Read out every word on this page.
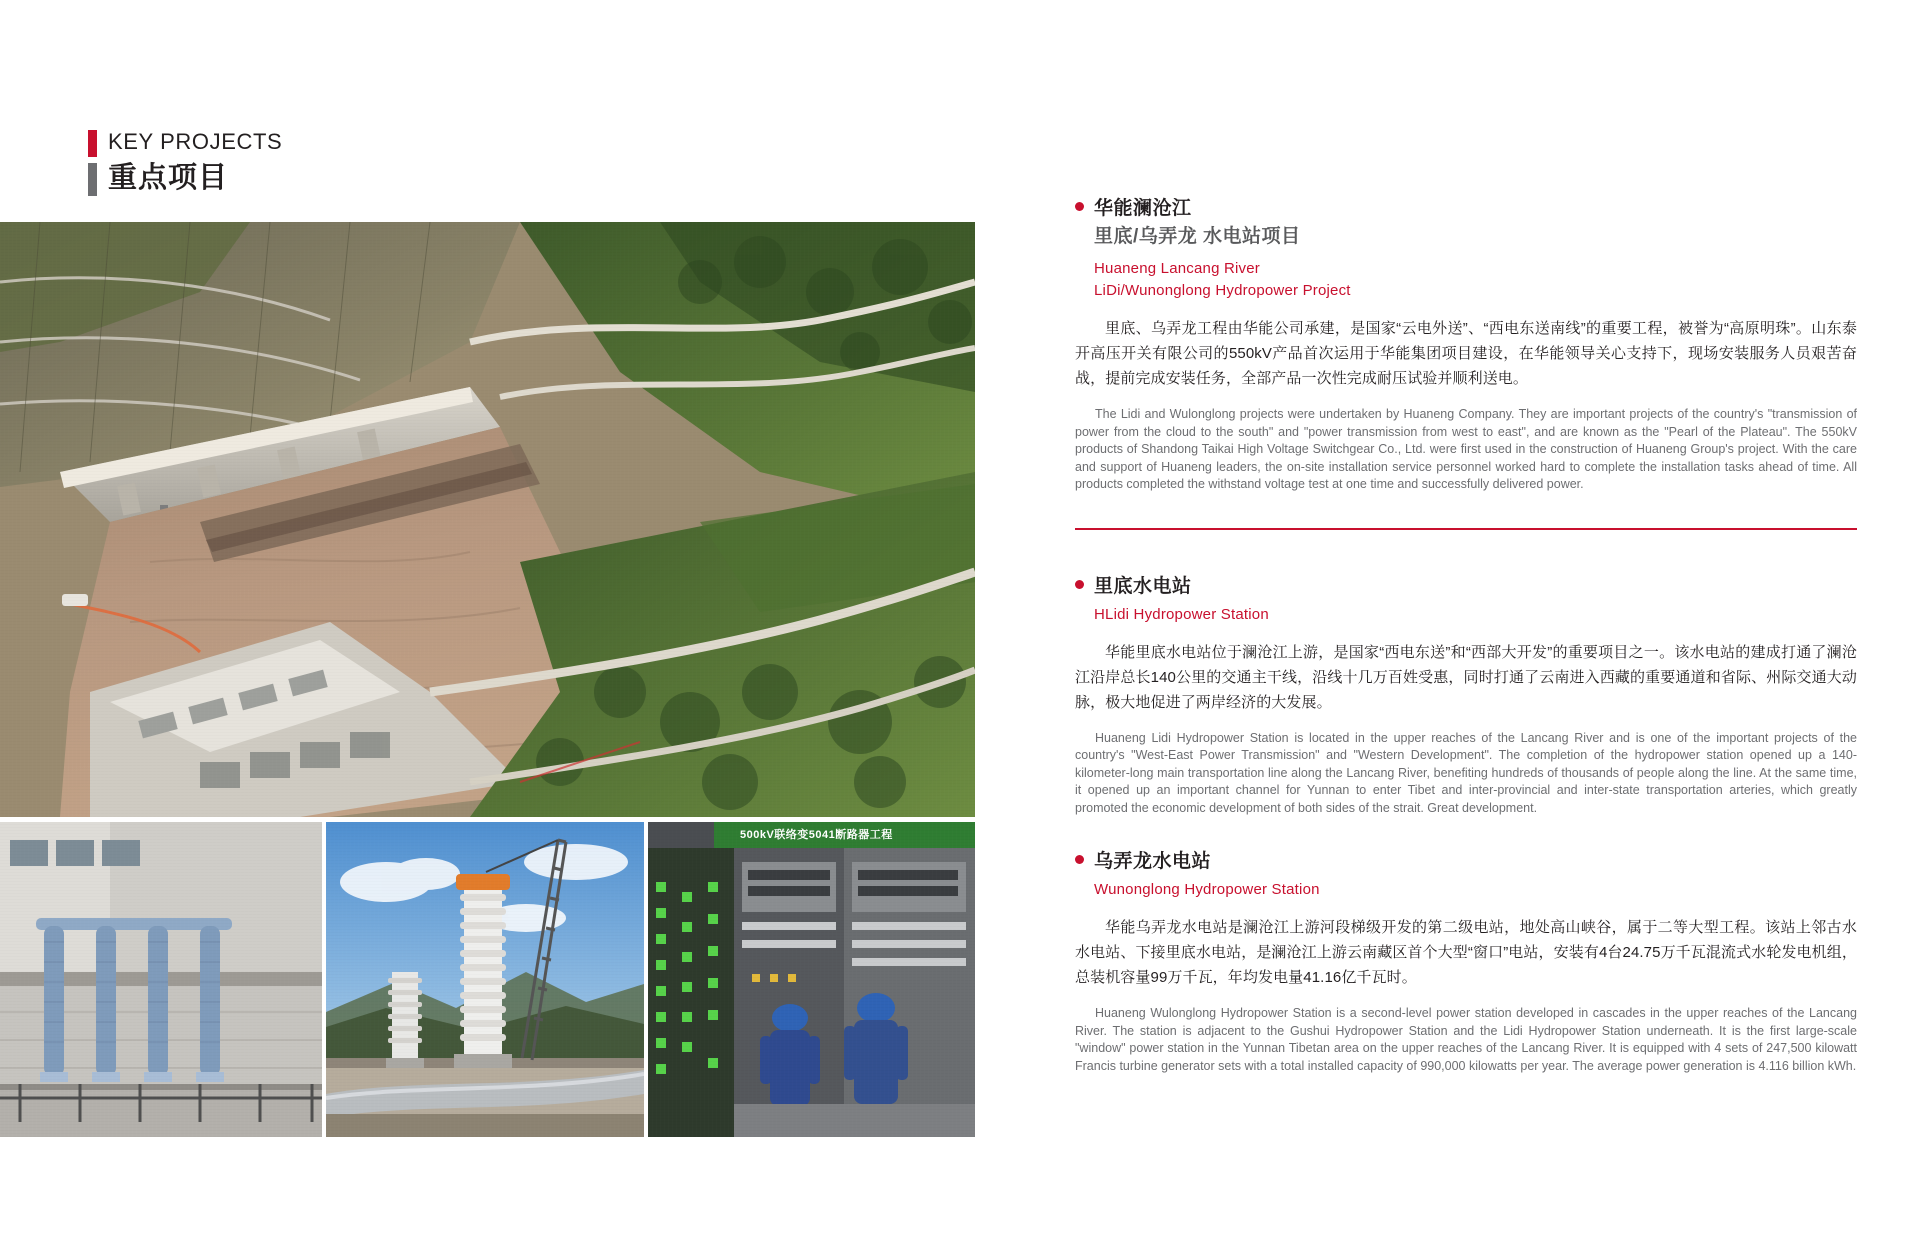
KEY PROJECTS
重点项目
华能澜沧江
里底/乌弄龙 水电站项目
Huaneng Lancang River
LiDi/Wunonglong Hydropower Project

里底、乌弄龙工程由华能公司承建，是国家“云电外送”、“西电东送南线”的重要工程，被誉为“高原明珠”。山东泰开高压开关有限公司的550kV产品首次运用于华能集团项目建设，在华能领导关心支持下，现场安装服务人员艰苦奋战，提前完成安装任务，全部产品一次性完成耐压试验并顺利送电。

The Lidi and Wulonglong projects were undertaken by Huaneng Company. They are important projects of the country's "transmission of power from the cloud to the south" and "power transmission from west to east", and are known as the "Pearl of the Plateau". The 550kV products of Shandong Taikai High Voltage Switchgear Co., Ltd. were first used in the construction of Huaneng Group's project. With the care and support of Huaneng leaders, the on-site installation service personnel worked hard to complete the installation tasks ahead of time. All products completed the withstand voltage test at one time and successfully delivered power.

里底水电站
HLidi Hydropower Station

华能里底水电站位于澜沧江上游，是国家“西电东送”和“西部大开发”的重要项目之一。该水电站的建成打通了澜沧江沿岸总长140公里的交通主干线，沿线十几万百姓受惠，同时打通了云南进入西藏的重要通道和省际、州际交通大动脉，极大地促进了两岸经济的大发展。

Huaneng Lidi Hydropower Station is located in the upper reaches of the Lancang River and is one of the important projects of the country's "West-East Power Transmission" and "Western Development". The completion of the hydropower station opened up a 140-kilometer-long main transportation line along the Lancang River, benefiting hundreds of thousands of people along the line. At the same time, it opened up an important channel for Yunnan to enter Tibet and inter-provincial and inter-state transportation arteries, which greatly promoted the economic development of both sides of the strait. Great development.

乌弄龙水电站
Wunonglong Hydropower Station

华能乌弄龙水电站是澜沧江上游河段梯级开发的第二级电站，地处高山峡谷，属于二等大型工程。该站上邻古水水电站、下接里底水电站，是澜沧江上游云南藏区首个大型“窗口”电站，安装有4台24.75万千瓦混流式水轮发电机组，总装机容量99万千瓦，年均发电量41.16亿千瓦时。

Huaneng Wulonglong Hydropower Station is a second-level power station developed in cascades in the upper reaches of the Lancang River. The station is adjacent to the Gushui Hydropower Station and the Lidi Hydropower Station underneath. It is the first large-scale "window" power station in the Yunnan Tibetan area on the upper reaches of the Lancang River. It is equipped with 4 sets of 247,500 kilowatt Francis turbine generator sets with a total installed capacity of 990,000 kilowatts per year. The average power generation is 4.116 billion kWh.

500kV联络变5041断路器工程
